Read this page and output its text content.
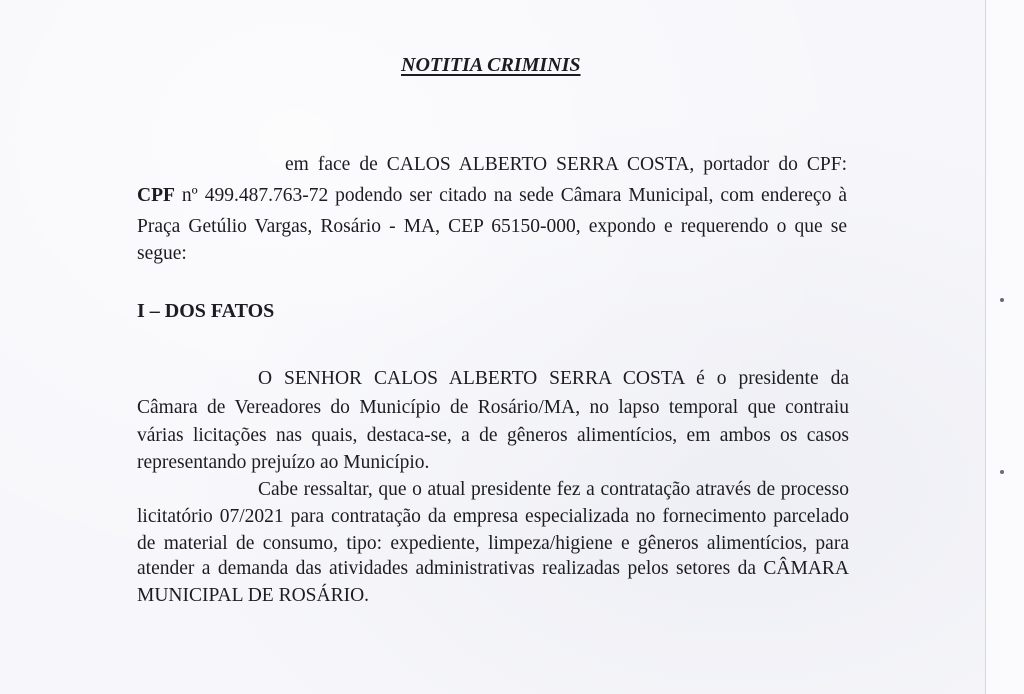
NOTITIA CRIMINIS
em face de CALOS ALBERTO SERRA COSTA, portador do CPF:
CPF nº 499.487.763-72 podendo ser citado na sede Câmara Municipal, com endereço à
Praça Getúlio Vargas, Rosário - MA, CEP 65150-000, expondo e requerendo o que se
segue:
I – DOS FATOS
O SENHOR CALOS ALBERTO SERRA COSTA é o presidente da
Câmara de Vereadores do Município de Rosário/MA, no lapso temporal que contraiu
várias licitações nas quais, destaca-se, a de gêneros alimentícios, em ambos os casos
representando prejuízo ao Município.
Cabe ressaltar, que o atual presidente fez a contratação através de processo
licitatório 07/2021 para contratação da empresa especializada no fornecimento parcelado
de material de consumo, tipo: expediente, limpeza/higiene e gêneros alimentícios, para
atender a demanda das atividades administrativas realizadas pelos setores da CÂMARA
MUNICIPAL DE ROSÁRIO.
